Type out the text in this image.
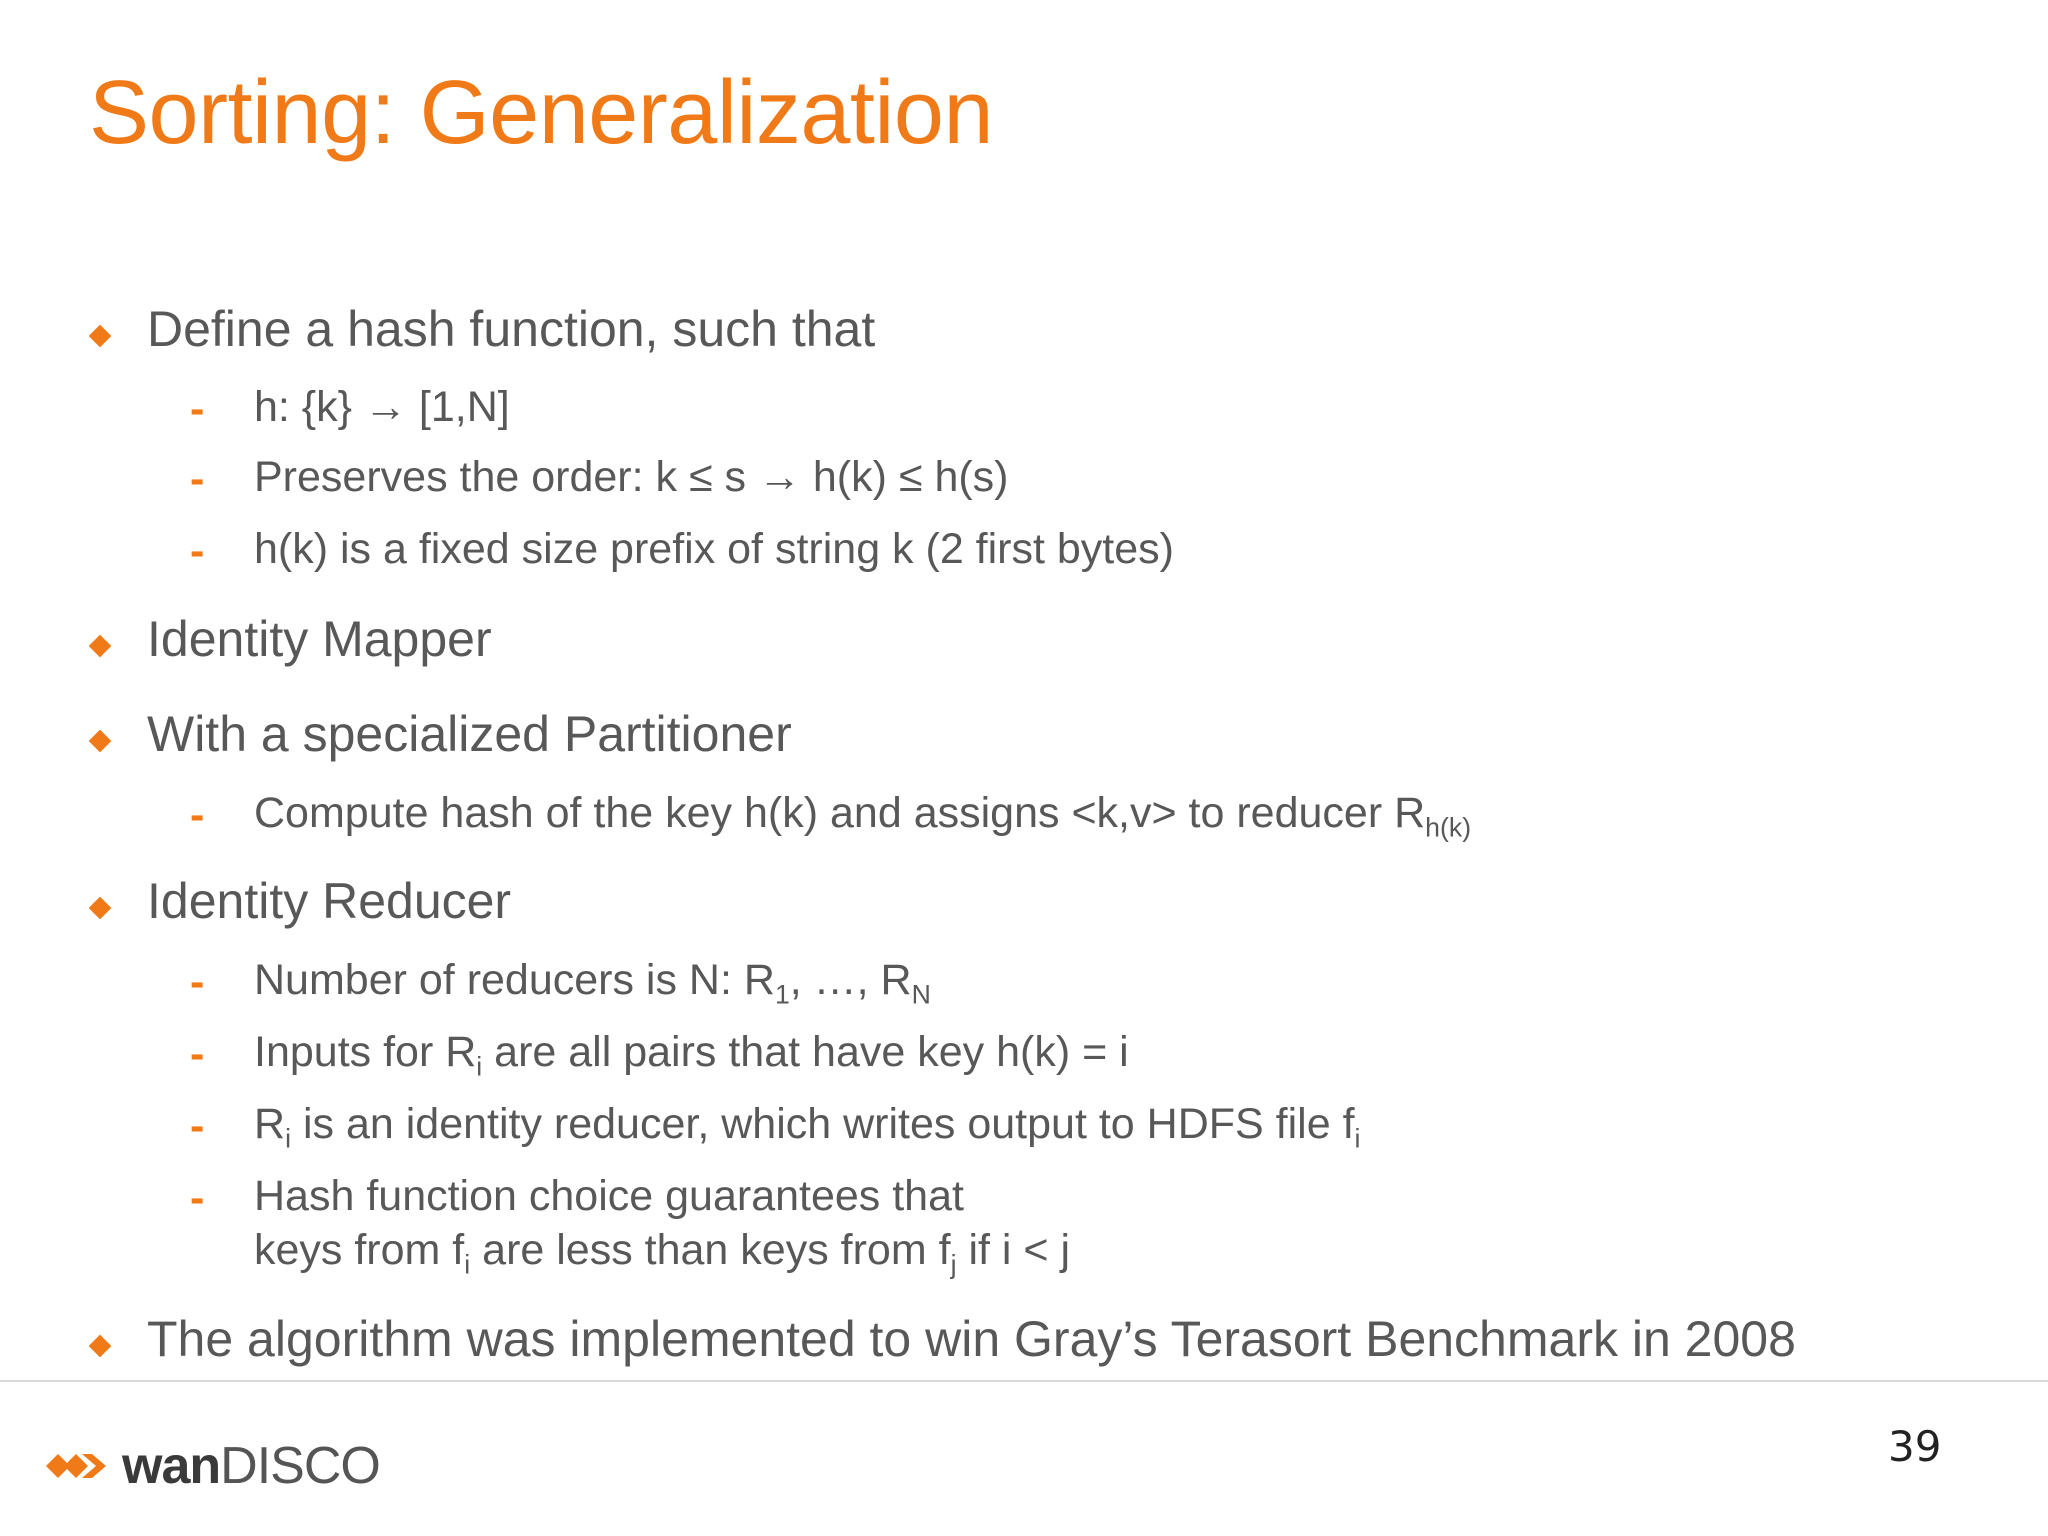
Sorting: Generalization
Define a hash function, such that
- h: {k} → [1,N]
- Preserves the order: k ≤ s → h(k) ≤ h(s)
- h(k) is a fixed size prefix of string k (2 first bytes)
Identity Mapper
With a specialized Partitioner
- Compute hash of the key h(k) and assigns <k,v> to reducer $R_{h(k)}$
Identity Reducer
- Number of reducers is N: $R_1$, …, $R_N$
- Inputs for $R_i$ are all pairs that have key h(k) = i
- $R_i$ is an identity reducer, which writes output to HDFS file $f_i$
- Hash function choice guarantees that
keys from $f_i$ are less than keys from $f_j$ if i < j
The algorithm was implemented to win Gray’s Terasort Benchmark in 2008
wanDISCO	39
